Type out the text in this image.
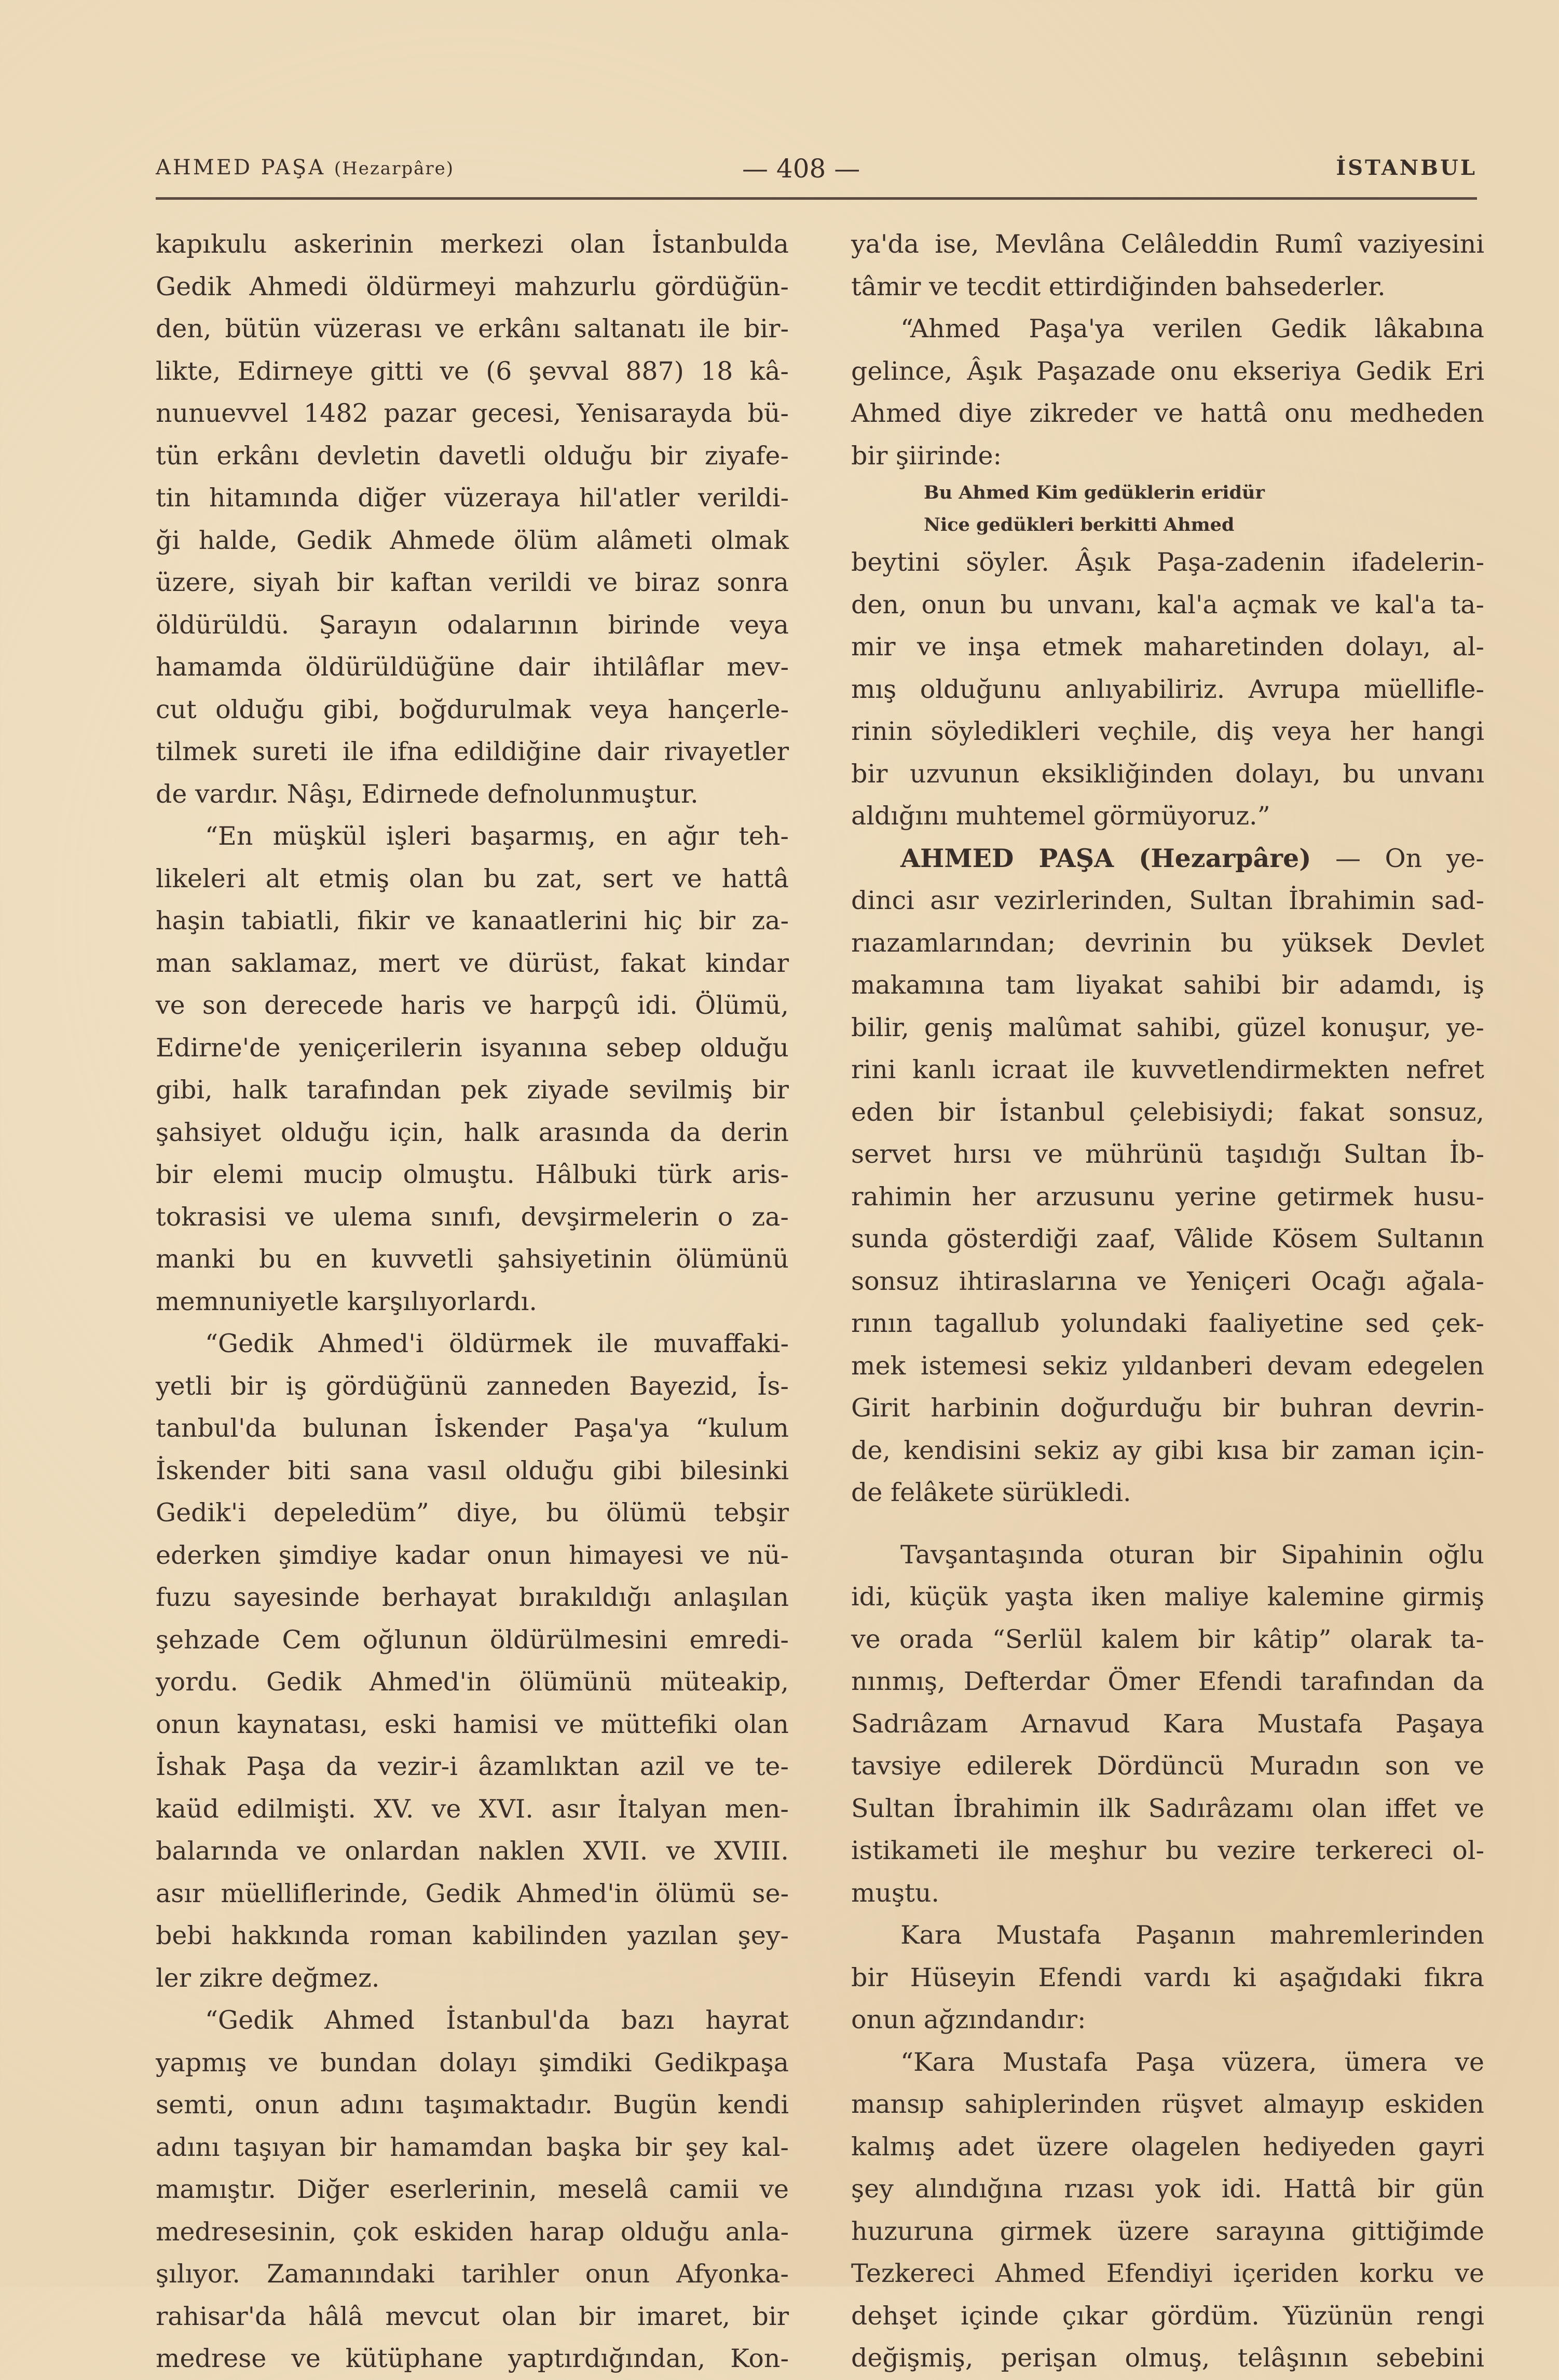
AHMED PAŞA (Hezarpâre)	— 408 —	İSTANBUL
kapıkulu askerinin merkezi olan İstanbulda
Gedik Ahmedi öldürmeyi mahzurlu gördüğün-
den, bütün vüzerası ve erkânı saltanatı ile bir-
likte, Edirneye gitti ve (6 şevval 887) 18 kâ-
nunuevvel 1482 pazar gecesi, Yenisarayda bü-
tün erkânı devletin davetli olduğu bir ziyafe-
tin hitamında diğer vüzeraya hil'atler verildi-
ği halde, Gedik Ahmede ölüm alâmeti olmak
üzere, siyah bir kaftan verildi ve biraz sonra
öldürüldü. Şarayın odalarının birinde veya
hamamda öldürüldüğüne dair ihtilâflar mev-
cut olduğu gibi, boğdurulmak veya hançerle-
tilmek sureti ile ifna edildiğine dair rivayetler
de vardır. Nâşı, Edirnede defnolunmuştur.
“En müşkül işleri başarmış, en ağır teh-
likeleri alt etmiş olan bu zat, sert ve hattâ
haşin tabiatli, fikir ve kanaatlerini hiç bir za-
man saklamaz, mert ve dürüst, fakat kindar
ve son derecede haris ve harpçû idi. Ölümü,
Edirne'de yeniçerilerin isyanına sebep olduğu
gibi, halk tarafından pek ziyade sevilmiş bir
şahsiyet olduğu için, halk arasında da derin
bir elemi mucip olmuştu. Hâlbuki türk aris-
tokrasisi ve ulema sınıfı, devşirmelerin o za-
manki bu en kuvvetli şahsiyetinin ölümünü
memnuniyetle karşılıyorlardı.
“Gedik Ahmed'i öldürmek ile muvaffaki-
yetli bir iş gördüğünü zanneden Bayezid, İs-
tanbul'da bulunan İskender Paşa'ya “kulum
İskender biti sana vasıl olduğu gibi bilesinki
Gedik'i depeledüm” diye, bu ölümü tebşir
ederken şimdiye kadar onun himayesi ve nü-
fuzu sayesinde berhayat bırakıldığı anlaşılan
şehzade Cem oğlunun öldürülmesini emredi-
yordu. Gedik Ahmed'in ölümünü müteakip,
onun kaynatası, eski hamisi ve müttefiki olan
İshak Paşa da vezir-i âzamlıktan azil ve te-
kaüd edilmişti. XV. ve XVI. asır İtalyan men-
balarında ve onlardan naklen XVII. ve XVIII.
asır müelliflerinde, Gedik Ahmed'in ölümü se-
bebi hakkında roman kabilinden yazılan şey-
ler zikre değmez.
“Gedik Ahmed İstanbul'da bazı hayrat
yapmış ve bundan dolayı şimdiki Gedikpaşa
semti, onun adını taşımaktadır. Bugün kendi
adını taşıyan bir hamamdan başka bir şey kal-
mamıştır. Diğer eserlerinin, meselâ camii ve
medresesinin, çok eskiden harap olduğu anla-
şılıyor. Zamanındaki tarihler onun Afyonka-
rahisar'da hâlâ mevcut olan bir imaret, bir
medrese ve kütüphane yaptırdığından, Kon-
ya'da ise, Mevlâna Celâleddin Rumî vaziyesini
tâmir ve tecdit ettirdiğinden bahsederler.
“Ahmed Paşa'ya verilen Gedik lâkabına
gelince, Âşık Paşazade onu ekseriya Gedik Eri
Ahmed diye zikreder ve hattâ onu medheden
bir şiirinde:
Bu Ahmed Kim gedüklerin eridür
Nice gedükleri berkitti Ahmed
beytini söyler. Âşık Paşa-zadenin ifadelerin-
den, onun bu unvanı, kal'a açmak ve kal'a ta-
mir ve inşa etmek maharetinden dolayı, al-
mış olduğunu anlıyabiliriz. Avrupa müellifle-
rinin söyledikleri veçhile, diş veya her hangi
bir uzvunun eksikliğinden dolayı, bu unvanı
aldığını muhtemel görmüyoruz.”
AHMED PAŞA (Hezarpâre) — On ye-
dinci asır vezirlerinden, Sultan İbrahimin sad-
rıazamlarından; devrinin bu yüksek Devlet
makamına tam liyakat sahibi bir adamdı, iş
bilir, geniş malûmat sahibi, güzel konuşur, ye-
rini kanlı icraat ile kuvvetlendirmekten nefret
eden bir İstanbul çelebisiydi; fakat sonsuz,
servet hırsı ve mührünü taşıdığı Sultan İb-
rahimin her arzusunu yerine getirmek husu-
sunda gösterdiği zaaf, Vâlide Kösem Sultanın
sonsuz ihtiraslarına ve Yeniçeri Ocağı ağala-
rının tagallub yolundaki faaliyetine sed çek-
mek istemesi sekiz yıldanberi devam edegelen
Girit harbinin doğurduğu bir buhran devrin-
de, kendisini sekiz ay gibi kısa bir zaman için-
de felâkete sürükledi.
Tavşantaşında oturan bir Sipahinin oğlu
idi, küçük yaşta iken maliye kalemine girmiş
ve orada “Serlül kalem bir kâtip” olarak ta-
nınmış, Defterdar Ömer Efendi tarafından da
Sadrıâzam Arnavud Kara Mustafa Paşaya
tavsiye edilerek Dördüncü Muradın son ve
Sultan İbrahimin ilk Sadırâzamı olan iffet ve
istikameti ile meşhur bu vezire terkereci ol-
muştu.
Kara Mustafa Paşanın mahremlerinden
bir Hüseyin Efendi vardı ki aşağıdaki fıkra
onun ağzındandır:
“Kara Mustafa Paşa vüzera, ümera ve
mansıp sahiplerinden rüşvet almayıp eskiden
kalmış adet üzere olagelen hediyeden gayri
şey alındığına rızası yok idi. Hattâ bir gün
huzuruna girmek üzere sarayına gittiğimde
Tezkereci Ahmed Efendiyi içeriden korku ve
dehşet içinde çıkar gördüm. Yüzünün rengi
değişmiş, perişan olmuş, telâşının sebebini
